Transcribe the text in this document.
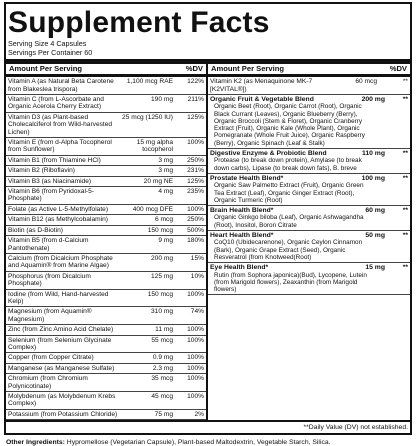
Supplement Facts
Serving Size 4 Capsules
Servings Per Container 60
Amount Per Serving	%DV
Vitamin A (as Natural Beta Carotene from Blakeslea trispora)
1,100 mcg RAE	122%
Vitamin C (from L-Ascorbate and Organic Acerola Cherry Extract)
190 mg	211%
Vitamin D3 (as Plant-based Cholecalciferol from Wild-harvested Lichen)
25 mcg (1250 IU)	125%
Vitamin E (from d-Alpha Tocopherol from Sunflower)
15 mg alpha tocopherol
100%
Vitamin B1 (from Thiamine HCl)	3 mg	250%
Vitamin B2 (Riboflavin)	3 mg	231%
Vitamin B3 (as Niacinamide)	20 mg NE	125%
Vitamin B6 (from Pyridoxal-5-Phosphate)
4 mg	235%
Folate (as Active L-5-Methylfolate)	400 mcg DFE	100%
Vitamin B12 (as Methylcobalamin)	6 mcg	250%
Biotin (as D-Biotin)	150 mcg	500%
Vitamin B5 (from d-Calcium Pantothenate)
9 mg	180%
Calcium (from Dicalcium Phosphate and Aquamin® from Marine Algae)
200 mg	15%
Phosphorus (from Dicalcium Phosphate)
125 mg	10%
Iodine (from Wild, Hand-harvested Kelp)
150 mcg	100%
Magnesium (from Aquamin® Magnesium)
310 mg	74%
Zinc (from Zinc Amino Acid Chelate)	11 mg	100%
Selenium (from Selenium Glycinate Complex)
55 mcg	100%
Copper (from Copper Citrate)	0.9 mg	100%
Manganese (as Manganese Sulfate)	2.3 mg	100%
Chromium (from Chromium Polynicotinate)
35 mcg	100%
Molybdenum (as Molybdenum Krebs Complex)
45 mcg	100%
Potassium (from Potassium Chloride)	75 mg	2%
Amount Per Serving	%DV
Vitamin K2 (as Menaquinone MK-7 [K2VITAL®])
60 mcg	**
Organic Fruit & Vegetable Blend	200 mg	**
Organic Beet (Root), Organic Carrot (Root), Organic Black Currant (Leaves), Organic Blueberry (Berry), Organic Broccoli (Stem & Floret), Organic Cranberry Extract (Fruit), Organic Kale (Whole Plant), Organic Pomegranate (Whole Fruit Juice), Organic Raspberry (Berry), Organic Spinach (Leaf & Stalk)
Digestive Enzyme & Probiotic Blend	110 mg	**
Protease (to break down protein), Amylase (to break down carbs), Lipase (to break down fats), B. breve
Prostate Health Blend*	100 mg	**
Organic Saw Palmetto Extract (Fruit), Organic Green Tea Extract (Leaf), Organic Ginger Extract (Root), Organic Turmeric (Root)
Brain Health Blend*	60 mg	**
Organic Ginkgo biloba (Leaf), Organic Ashwagandha (Root), Inositol, Boron Citrate
Heart Health Blend*	50 mg	**
CoQ10 (Ubidecarenone), Organic Ceylon Cinnamon (Bark), Organic Grape Extract (Seed), Organic Resveratrol (from Knotweed(Root)
Eye Health Blend*	15 mg	**
Rutin (from Sophora japonica)(Bud), Lycopene, Lutein (from Marigold flowers), Zeaxanthin (from Marigold flowers)
**Daily Value (DV) not established.
Other Ingredients: Hypromellose (Vegetarian Capsule), Plant-based Maltodextrin, Vegetable Starch, Silica.
